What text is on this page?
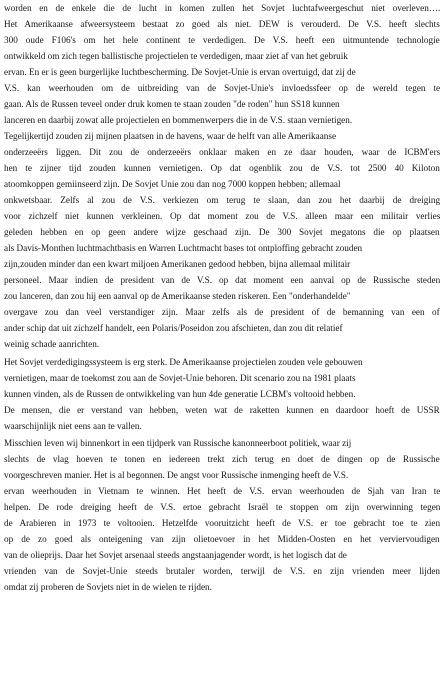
worden en de enkele die de lucht in komen zullen het Sovjet luchtafweergeschut niet overleven….
Het Amerikaanse afweersysteem bestaat zo goed als niet. DEW is verouderd. De V.S. heeft slechts
300 oude F106's om het hele continent te verdedigen. De V.S. heeft een uitmuntende technologie
ontwikkeld om zich tegen ballistische projectielen te verdedigen, maar ziet af van het gebruik
ervan. En er is geen burgerlijke luchtbescherming. De Sovjet-Unie is ervan overtuigd, dat zij de
V.S. kan weerhouden om de uitbreiding van de Sovjet-Unie's invloedssfeer op de wereld tegen te
gaan. Als de Russen teveel onder druk komen te staan zouden "de roden" hun SS18 kunnen
lanceren en daarbij zowat alle projectielen en bommenwerpers die in de V.S. staan vernietigen.
Tegelijkertijd zouden zij mijnen plaatsen in de havens, waar de helft van alle Amerikaanse
onderzeeërs liggen. Dit zou de onderzeeërs onklaar maken en ze daar houden, waar de ICBM'ers
hen te zijner tijd zouden kunnen vernietigen. Op dat ogenblik zou de V.S. tot 2500 40 Kiloton
atoomkoppen gemiinseerd zijn. De Sovjet Unie zou dan nog 7000 koppen hebben; allemaal
onkwetsbaar. Zelfs al zou de V.S. verkiezen om terug te slaan, dan zou het daarbij de dreiging
voor zichzelf niet kunnen verkleinen. Op dat moment zou de V.S. alleen maar een militair verlies
geleden hebben en op geen andere wijze geschaad zijn. De 300 Sovjet megatons die op plaatsen
als Davis-Monthen luchtmachtbasis en Warren Luchtmacht bases tot ontploffing gebracht zouden
zijn,zouden minder dan een kwart miljoen Amerikanen gedood hebben, bijna allemaal militair
personeel. Maar indien de president van de V.S. op dat moment een aanval op de Russische steden
zou lanceren, dan zou hij een aanval op de Amerikaanse steden riskeren. Een "onderhandelde"
overgave zou dan veel verstandiger zijn. Maar zelfs als de president of de bemanning van een of
ander schip dat uit zichzelf handelt, een Polaris/Poseidon zou afschieten, dan zou dit relatief
weinig schade aanrichten.
Het Sovjet verdedigingssysteem is erg sterk. De Amerikaanse projectielen zouden vele gebouwen
vernietigen, maar de toekomst zou aan de Sovjet-Unie behoren. Dit scenario zou na 1981 plaats
kunnen vinden, als de Russen de ontwikkeling van hun 4de generatie LCBM's voltooid hebben.
De mensen, die er verstand van hebben, weten wat de raketten kunnen en daardoor hoeft de USSR
waarschijnlijk niet eens aan te vallen.
Misschien leven wij binnenkort in een tijdperk van Russische kanonneerboot politiek, waar zij
slechts de vlag hoeven te tonen en iedereen trekt zich terug en doet de dingen op de Russische
voorgeschreven manier. Het is al begonnen. De angst voor Russische inmenging heeft de V.S.
ervan weerhouden in Vietnam te winnen. Het heeft de V.S. ervan weerhouden de Sjah van Iran te
helpen. De rode dreiging heeft de V.S. ertoe gebracht Israël te stoppen om zijn overwinning tegen
de Arabieren in 1973 te voltooien. Hetzelfde vooruitzicht heeft de V.S. er toe gebracht toe te zien
op de zo goed als onteigening van zijn olietoevoer in het Midden-Oosten en het verviervoudigen
van de olieprijs. Daar het Sovjet arsenaal steeds angstaanjagender wordt, is het logisch dat de
vrienden van de Sovjet-Unie steeds brutaler worden, terwijl de V.S. en zijn vrienden meer lijden
omdat zij proberen de Sovjets niet in de wielen te rijden.
